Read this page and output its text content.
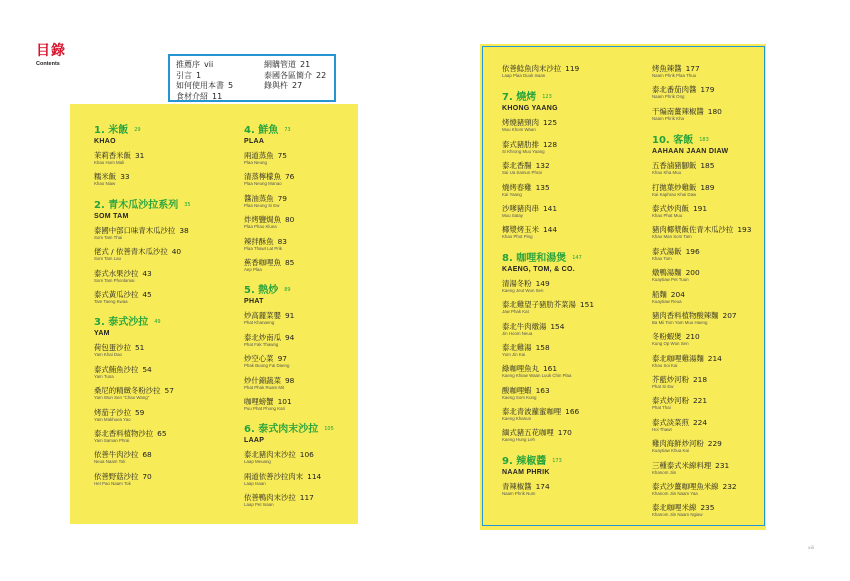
目錄
Contents	推薦序 vii
引言 1
如何使用本書 5
食材介紹 11
網購管道 21
泰國各區簡介 22
錄與杵 27
1. 米飯 29
KHAO
茉莉香米飯 31
Khao Hom Mali
糯米飯 33
Khao Niaw
2. 青木瓜沙拉系列 35
SOM TAM
泰國中部口味青木瓜沙拉 38
Som Tam Thai
佬式 / 依善青木瓜沙拉 40
Som Tam Lao
泰式水果沙拉 43
Som Tam Phonlamai
泰式黃瓜沙拉 45
Tam Taeng Kwaa
3. 泰式沙拉 49
YAM
荷包蛋沙拉 51
Yam Khai Dao
泰式鮪魚沙拉 54
Yam Tuna
桑尼的精緻冬粉沙拉 57
Yam Wun Sen "Chao Wang"
烤茄子沙拉 59
Yam Makhuea Yao
泰北香料植物沙拉 65
Yam Saman Phrai
依善牛肉沙拉 68
Neua Naam Tok
依善野菇沙拉 70
Het Pao Naam Tok
4. 鮮魚 73
PLAA
兩道蒸魚 75
Plaa Neung
清蒸檸檬魚 76
Plaa Neung Manao
醬油蒸魚 79
Plaa Neung Si Ew
炸烤鹽焗魚 80
Plaa Phao Kluea
辣拌酥魚 83
Plaa Thawt Lat Prik
蕉香咖哩魚 85
Aep Plaa
5. 熱炒 89
PHAT
炒高麗菜嬰 91
Phat Khanaeng
泰北炒南瓜 94
Phat Fak Thawng
炒空心菜 97
Phak Buung Fai Daeng
炒什錦蔬菜 98
Phat Phak Ruam Mit
咖哩螃蟹 101
Puu Phat Phong Kari
6. 泰式肉末沙拉 105
LAAP
泰北豬肉末沙拉 106
Laap Meuang
兩道依善沙拉肉末 114
Laap Isaan
依善鴨肉末沙拉 117
Laap Pet Isaan
依善鯰魚肉末沙拉 119
Laap Plaa Duuk Isaan
7. 燒烤 123
KHONG YAANG
烤燒豬頸肉 125
Muu Khom Waan
泰式豬肋排 128
Si Khrong Muu Yaang
泰北香腸 132
Sai Ua Samun Phrai
燒烤春雞 135
Kai Yaang
沙嗲豬肉串 141
Muu Satay
椰漿烤玉米 144
Khao Phot Ping
8. 咖哩和湯煲 147
KAENG, TOM, & CO.
清湯冬粉 149
Kaeng Jeut Wun Sen
泰北雞望子豬肋芥菜湯 151
Jaw Phak Kat
泰北牛肉燉湯 154
Jin Hoom Neua
泰北雞湯 158
Yum Jin Kai
綠咖哩魚丸 161
Kaeng Khiaw Waan Luuk Chin Plaa
酸咖哩蝦 163
Kaeng Som Kung
泰北青波蘿蜜咖哩 166
Kaeng Khanun
緬式豬五花咖哩 170
Kaeng Hung Leh
9. 辣椒醬 173
NAAM PHRIK
青辣椒醬 174
Naam Phrik Num
烤魚辣醬 177
Naam Phrik Plaa Thuu
泰北番茄肉醬 179
Naam Phrik Ong
干煸南薑辣椒醬 180
Naam Phrik Kha
10. 客飯 183
AAHAAN JAAN DIAW
五香滷豬腳飯 185
Khao Kha Muu
打拋葉炒雞飯 189
Kai Kaphrao Khai Daw
泰式炒肉飯 191
Khao Phat Muu
豬肉椰漿飯佐青木瓜沙拉 193
Khao Man Som Tam
泰式湯飯 196
Khao Tom
燉鴨湯麵 200
Kuaytiaw Pet Tuun
船麵 204
Kuaytiaw Reua
豬肉香料植物酸辣麵 207
Ba Mii Tom Yam Muu Haeng
冬粉蝦煲 210
Kung Op Wun Sen
泰北咖哩雞湯麵 214
Khao Soi Kai
芥藍炒河粉 218
Phat Si Ew
泰式炒河粉 221
Phat Thai
泰式淡菜煎 224
Hoi Thawt
雞肉海鮮炒河粉 229
Kuaytiaw Khua Kai
三種泰式米線料理 231
Khanom Jiin
泰式沙薑咖哩魚米線 232
Khanom Jiin Naam Yaa
泰北咖哩米線 235
Khanom Jiin Naam Ngiaw
xiii
